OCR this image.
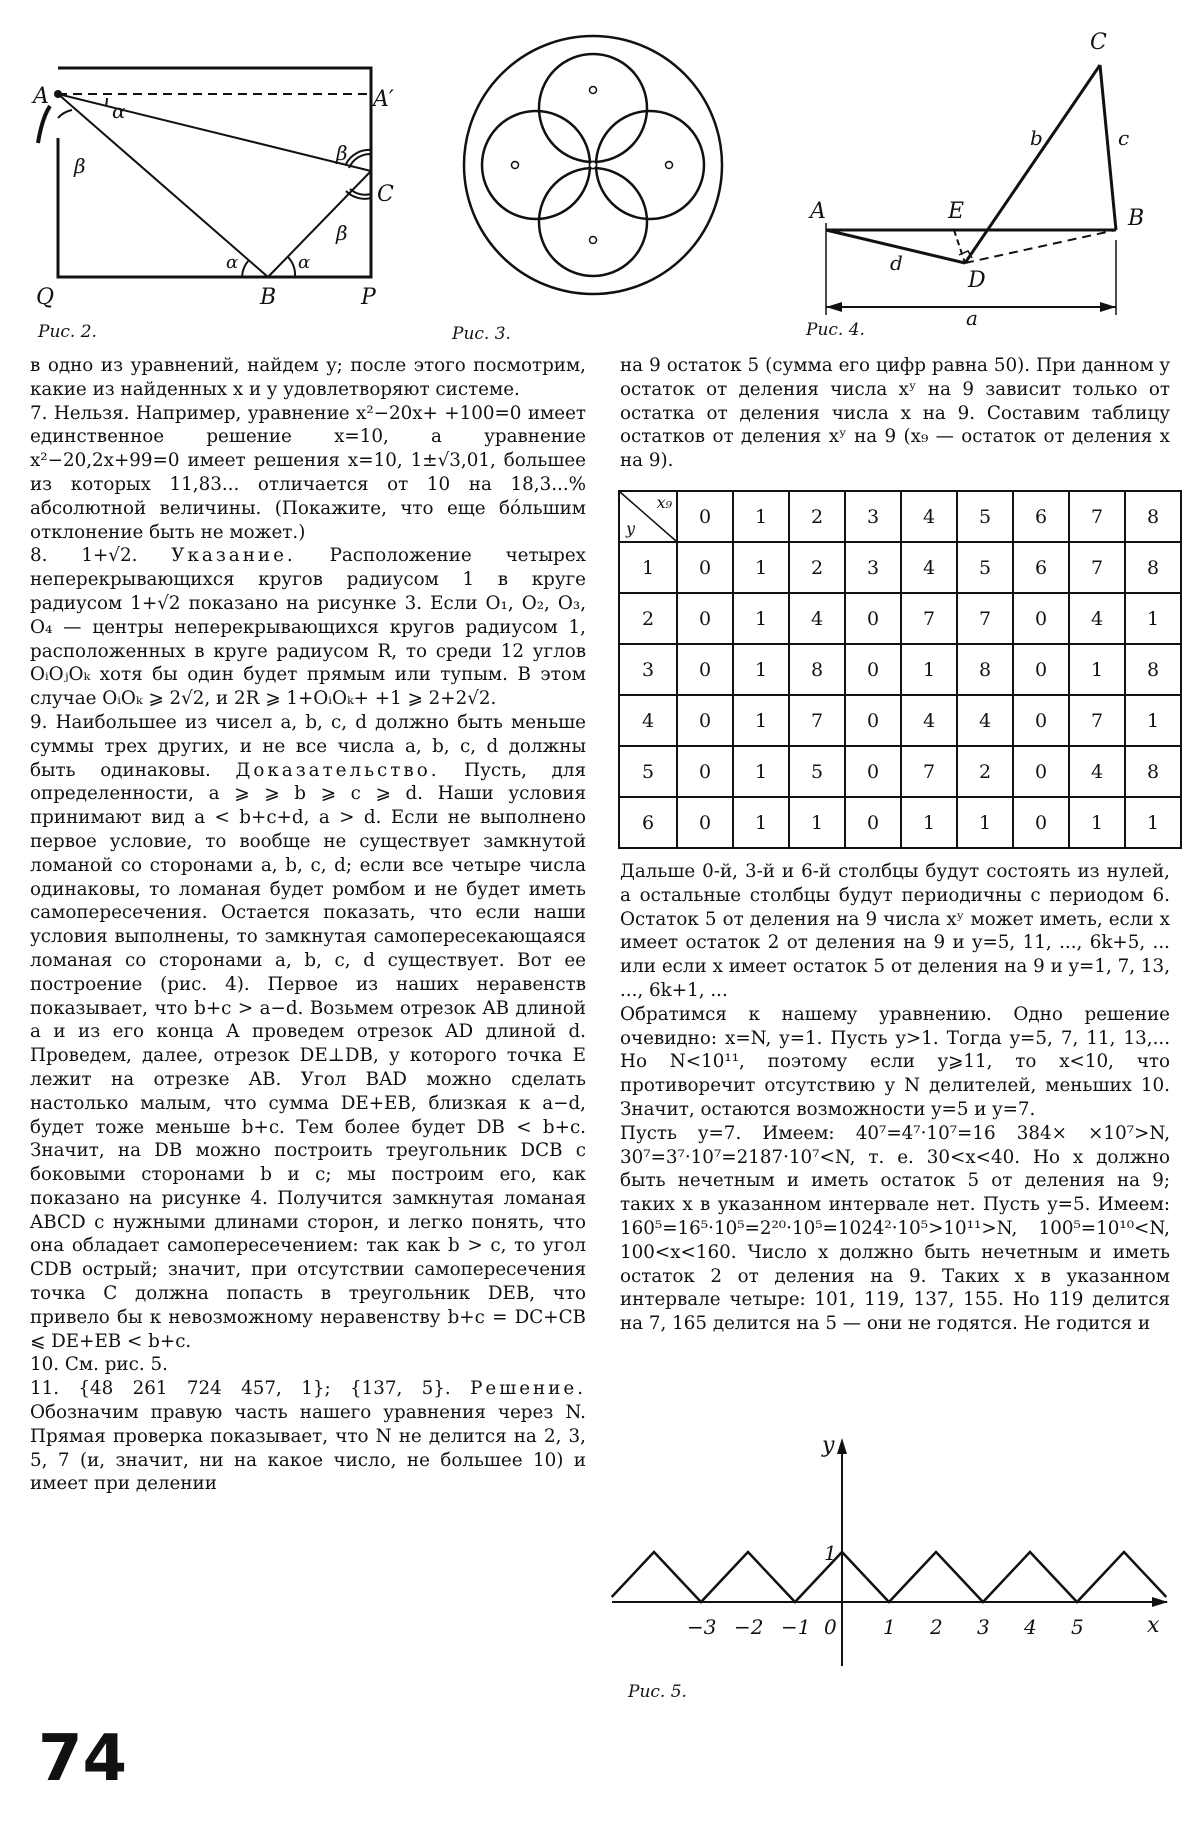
A	A′
α
β
β
C
β
α	α
Q	B	P
Рис. 2.	Рис. 3.
A	E	B
C
D
b	c
d
a
Рис. 4.

в одно из уравнений, найдем y; после этого посмотрим, какие из найденных x и y удовлетворяют системе.

7. Нельзя. Например, уравнение x²−20x+ +100=0 имеет единственное решение x=10, а уравнение x²−20,2x+99=0 имеет решения x=10, 1±√3,01, большее из которых 11,83... отличается от 10 на 18,3...% абсолютной величины. (Покажите, что еще бо́льшим отклонение быть не может.)

8. 1+√2. Указание. Расположение четырех неперекрывающихся кругов радиусом 1 в круге радиусом 1+√2 показано на рисунке 3. Если O₁, O₂, O₃, O₄ — центры неперекрывающихся кругов радиусом 1, расположенных в круге радиусом R, то среди 12 углов OᵢOⱼOₖ хотя бы один будет прямым или тупым. В этом случае OᵢOₖ ⩾ 2√2, и 2R ⩾ 1+OᵢOₖ+ +1 ⩾ 2+2√2.

9. Наибольшее из чисел a, b, c, d должно быть меньше суммы трех других, и не все числа a, b, c, d должны быть одинаковы. Доказательство. Пусть, для определенности, a ⩾ ⩾ b ⩾ c ⩾ d. Наши условия принимают вид a < b+c+d, a > d. Если не выполнено первое условие, то вообще не существует замкнутой ломаной со сторонами a, b, c, d; если все четыре числа одинаковы, то ломаная будет ромбом и не будет иметь самопересечения. Остается показать, что если наши условия выполнены, то замкнутая самопересекающаяся ломаная со сторонами a, b, c, d существует. Вот ее построение (рис. 4). Первое из наших неравенств показывает, что b+c > a−d. Возьмем отрезок AB длиной a и из его конца A проведем отрезок AD длиной d. Проведем, далее, отрезок DE⊥DB, у которого точка E лежит на отрезке AB. Угол BAD можно сделать настолько малым, что сумма DE+EB, близкая к a−d, будет тоже меньше b+c. Тем более будет DB < b+c. Значит, на DB можно построить треугольник DCB с боковыми сторонами b и c; мы построим его, как показано на рисунке 4. Получится замкнутая ломаная ABCD с нужными длинами сторон, и легко понять, что она обладает самопересечением: так как b > c, то угол CDB острый; значит, при отсутствии самопересечения точка C должна попасть в треугольник DEB, что привело бы к невозможному неравенству b+c = DC+CB ⩽ DE+EB < b+c.

10. См. рис. 5.

11. {48 261 724 457, 1}; {137, 5}. Решение. Обозначим правую часть нашего уравнения через N. Прямая проверка показывает, что N не делится на 2, 3, 5, 7 (и, значит, ни на какое число, не большее 10) и имеет при делении

на 9 остаток 5 (сумма его цифр равна 50). При данном y остаток от деления числа xʸ на 9 зависит только от остатка от деления числа x на 9. Составим таблицу остатков от деления xʸ на 9 (x₉ — остаток от деления x на 9).

x₉
y	0	1	2	3	4	5	6	7	8
1	0	1	2	3	4	5	6	7	8
2	0	1	4	0	7	7	0	4	1
3	0	1	8	0	1	8	0	1	8
4	0	1	7	0	4	4	0	7	1
5	0	1	5	0	7	2	0	4	8
6	0	1	1	0	1	1	0	1	1

Дальше 0-й, 3-й и 6-й столбцы будут состоять из нулей, а остальные столбцы будут периодичны с периодом 6. Остаток 5 от деления на 9 числа xʸ может иметь, если x имеет остаток 2 от деления на 9 и y=5, 11, ..., 6k+5, ... или если x имеет остаток 5 от деления на 9 и y=1, 7, 13, ..., 6k+1, ...

Обратимся к нашему уравнению. Одно решение очевидно: x=N, y=1. Пусть y>1. Тогда y=5, 7, 11, 13,... Но N<10¹¹, поэтому если y⩾11, то x<10, что противоречит отсутствию у N делителей, меньших 10. Значит, остаются возможности y=5 и y=7.

Пусть y=7. Имеем: 40⁷=4⁷·10⁷=16 384× ×10⁷>N, 30⁷=3⁷·10⁷=2187·10⁷<N, т. е. 30<x<40. Но x должно быть нечетным и иметь остаток 5 от деления на 9; таких x в указанном интервале нет. Пусть y=5. Имеем: 160⁵=16⁵·10⁵=2²⁰·10⁵=1024²·10⁵>10¹¹>N, 100⁵=10¹⁰<N, 100<x<160. Число x должно быть нечетным и иметь остаток 2 от деления на 9. Таких x в указанном интервале четыре: 101, 119, 137, 155. Но 119 делится на 7, 165 делится на 5 — они не годятся. Не годится и

y
x
1
0
−3 −2 −1	1 2 3 4 5
Рис. 5.
74
